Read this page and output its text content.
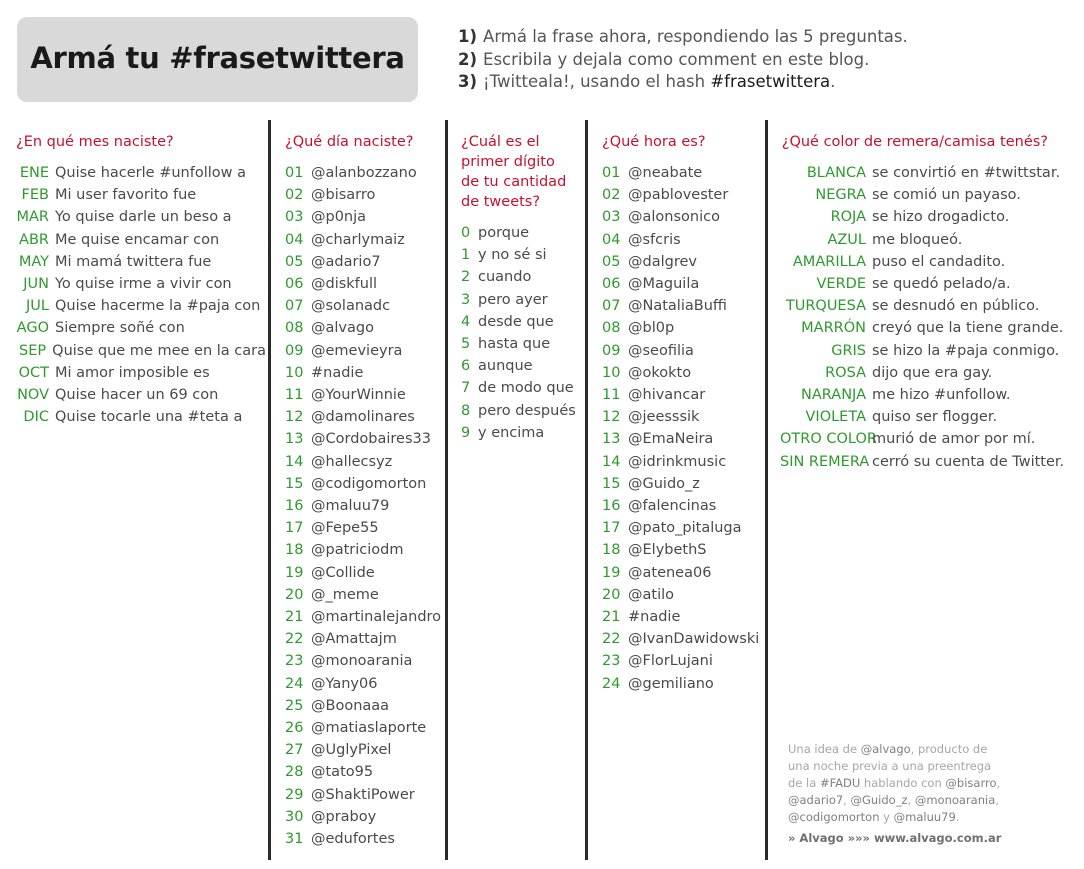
Armá tu #frasetwittera
1) Armá la frase ahora, respondiendo las 5 preguntas.
2) Escribila y dejala como comment en este blog.
3) ¡Twitteala!, usando el hash #frasetwittera.
¿En qué mes naciste?
ENE Quise hacerle #unfollow a
FEB Mi user favorito fue
MAR Yo quise darle un beso a
ABR Me quise encamar con
MAY Mi mamá twittera fue
JUN Yo quise irme a vivir con
JUL Quise hacerme la #paja con
AGO Siempre soñé con
SEP Quise que me mee en la cara
OCT Mi amor imposible es
NOV Quise hacer un 69 con
DIC Quise tocarle una #teta a
¿Qué día naciste?
01 @alanbozzano
02 @bisarro
03 @p0nja
04 @charlymaiz
05 @adario7
06 @diskfull
07 @solanadc
08 @alvago
09 @emevieyra
10 #nadie
11 @YourWinnie
12 @damolinares
13 @Cordobaires33
14 @hallecsyz
15 @codigomorton
16 @maluu79
17 @Fepe55
18 @patriciodm
19 @Collide
20 @_meme
21 @martinalejandro
22 @Amattajm
23 @monoarania
24 @Yany06
25 @Boonaaa
26 @matiaslaporte
27 @UglyPixel
28 @tato95
29 @ShaktiPower
30 @praboy
31 @edufortes
¿Cuál es el
primer dígito
de tu cantidad
de tweets?
0 porque
1 y no sé si
2 cuando
3 pero ayer
4 desde que
5 hasta que
6 aunque
7 de modo que
8 pero después
9 y encima
¿Qué hora es?
01 @neabate
02 @pablovester
03 @alonsonico
04 @sfcris
05 @dalgrev
06 @Maguila
07 @NataliaBuffi
08 @bl0p
09 @seofilia
10 @okokto
11 @hivancar
12 @jeesssik
13 @EmaNeira
14 @idrinkmusic
15 @Guido_z
16 @falencinas
17 @pato_pitaluga
18 @ElybethS
19 @atenea06
20 @atilo
21 #nadie
22 @IvanDawidowski
23 @FlorLujani
24 @gemiliano
¿Qué color de remera/camisa tenés?
BLANCA se convirtió en #twittstar.
NEGRA se comió un payaso.
ROJA se hizo drogadicto.
AZUL me bloqueó.
AMARILLA puso el candadito.
VERDE se quedó pelado/a.
TURQUESA se desnudó en público.
MARRÓN creyó que la tiene grande.
GRIS se hizo la #paja conmigo.
ROSA dijo que era gay.
NARANJA me hizo #unfollow.
VIOLETA quiso ser flogger.
OTRO COLOR
murió de amor por mí.
SIN REMERA cerró su cuenta de Twitter.
Una idea de @alvago, producto de
una noche previa a una preentrega
de la #FADU hablando con @bisarro,
@adario7, @Guido_z, @monoarania,
@codigomorton y @maluu79.
» Alvago »»» www.alvago.com.ar
